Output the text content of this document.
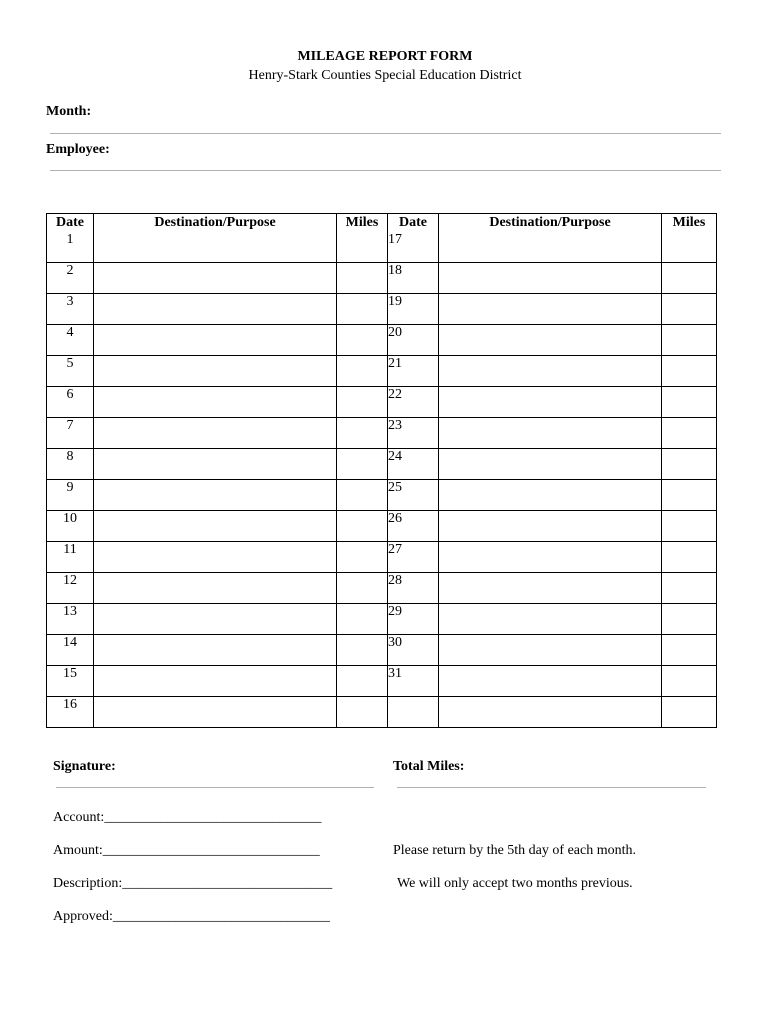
MILEAGE REPORT FORM
Henry-Stark Counties Special Education District
Month:
Employee:
Date	Destination/Purpose	Miles	Date	Destination/Purpose	Miles
1			17		
2			18		
3			19		
4			20		
5			21		
6			22		
7			23		
8			24		
9			25		
10			26		
11			27		
12			28		
13			29		
14			30		
15			31		
16					
Signature:	Total Miles:
Account:_______________________________
Amount:_______________________________
Description:______________________________
Approved:_______________________________
Please return by the 5th day of each month.
We will only accept two months previous.
